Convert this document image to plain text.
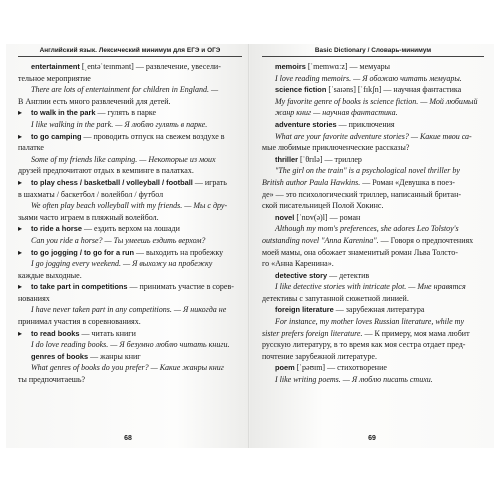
Английский язык. Лексический минимум для ЕГЭ и ОГЭ
entertainment [ˌentəˈteɪnmənt] — развлечение, увесели-
тельное мероприятие
There are lots of entertainment for children in England. —
В Англии есть много развлечений для детей.
▸	to walk in the park — гулять в парке
I like walking in the park. — Я люблю гулять в парке.
▸	to go camping — проводить отпуск на свежем воздухе в
палатке
Some of my friends like camping. — Некоторые из моих
друзей предпочитают отдых в кемпинге в палатках.
▸	to play chess / basketball / volleyball / football — играть
в шахматы / баскетбол / волейбол / футбол
We often play beach volleyball with my friends. — Мы с дру-
зьями часто играем в пляжный волейбол.
▸	to ride a horse — ездить верхом на лошади
Can you ride a horse? — Ты умеешь ездить верхом?
▸	to go jogging / to go for a run — выходить на пробежку
I go jogging every weekend. — Я выхожу на пробежку
каждые выходные.
▸	to take part in competitions — принимать участие в сорев-
нованиях
I have never taken part in any competitions. — Я никогда не
принимал участия в соревнованиях.
▸	to read books — читать книги
I do love reading books. — Я безумно люблю читать книги.
genres of books — жанры книг
What genres of books do you prefer? — Какие жанры книг
ты предпочитаешь?
68
Basic Dictionary / Словарь-минимум
memoirs [ˈmemwɑːz] — мемуары
I love reading memoirs. — Я обожаю читать мемуары.
science fiction [ˈsaɪəns] [ˈfɪkʃn] — научная фантастика
My favorite genre of books is science fiction. — Мой любимый жанр книг — научная фантастика.
adventure stories — приключения
What are your favorite adventure stories? — Какие твои са-
мые любимые приключенческие рассказы?
thriller [ˈθrɪlə] — триллер
"The girl on the train" is a psychological novel thriller by
British author Paula Hawkins. — Роман «Девушка в поез-
де» — это психологический триллер, написанный британ-
ской писательницей Полой Хокинс.
novel [ˈnɒv(ə)l] — роман
Although my mom's preferences, she adores Leo Tolstoy's
outstanding novel "Anna Karenina". — Говоря о предпочтениях
моей мамы, она обожает знаменитый роман Льва Толсто-
го «Анна Каренина».
detective story — детектив
I like detective stories with intricate plot. — Мне нравятся
детективы с запутанной сюжетной линией.
foreign literature — зарубежная литература
For instance, my mother loves Russian literature, while my
sister prefers foreign literature. — К примеру, моя мама любит
русскую литературу, в то время как моя сестра отдает пред-
почтение зарубежной литературе.
poem [ˈpəʊɪm] — стихотворение
I like writing poems. — Я люблю писать стихи.
69
